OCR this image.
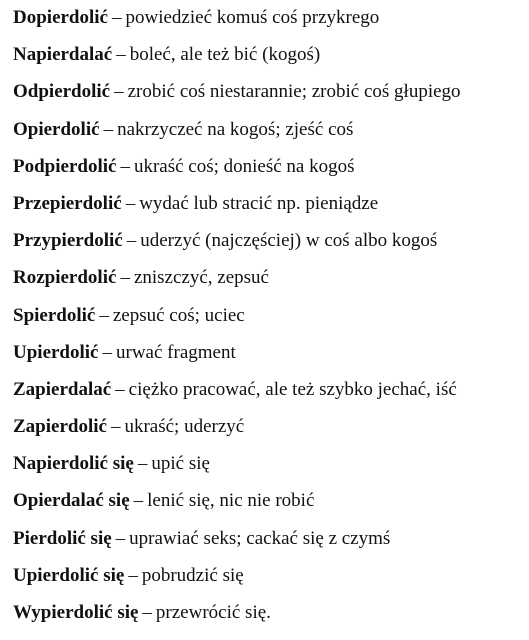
Dopierdolić – powiedzieć komuś coś przykrego
Napierdalać – boleć, ale też bić (kogoś)
Odpierdolić – zrobić coś niestarannie; zrobić coś głupiego
Opierdolić – nakrzyczeć na kogoś; zjeść coś
Podpierdolić – ukraść coś; donieść na kogoś
Przepierdolić – wydać lub stracić np. pieniądze
Przypierdolić – uderzyć (najczęściej) w coś albo kogoś
Rozpierdolić – zniszczyć, zepsuć
Spierdolić – zepsuć coś; uciec
Upierdolić – urwać fragment
Zapierdalać – ciężko pracować, ale też szybko jechać, iść
Zapierdolić – ukraść; uderzyć
Napierdolić się – upić się
Opierdalać się – lenić się, nic nie robić
Pierdolić się – uprawiać seks; cackać się z czymś
Upierdolić się – pobrudzić się
Wypierdolić się – przewrócić się.
